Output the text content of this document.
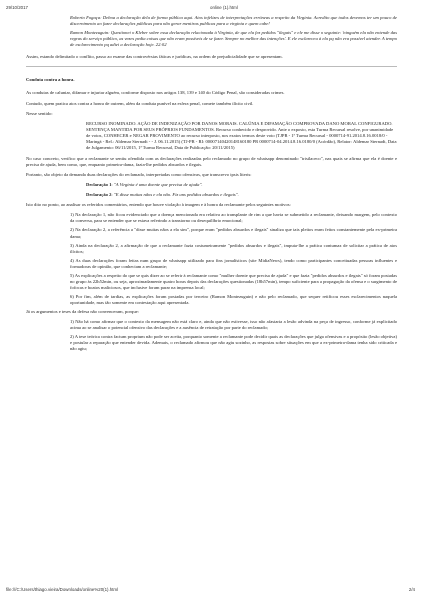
29/10/2017	online (1).html

Roberto Fogaça: Deboa a declaração dela de forma pública aqui. Atos infelizes de interpretações erróneas a respeito da Virginia. Acredito que todos devemos ter um pouco de discernimento ao fazer declarações públicas para não gerar mentiras publicas para a virginia e quem cabe!

Ramon Montezuguin: Questionei o Kleber sobre essa declaração relacionada à Virginia, de que ela fez pedidos "ilegais" e ele me disse o seguinte: 'ninguém ela não entende das regras do serviço público, as vezes pedia coisas que não eram possíveis de se fazer. Sempre no melhor das intenções'. E ele esclareceu à ela pq não era possível atender. A tempo de esclarecimento pq adiei a declaração hoje. 22:02

Assim, estando delimitado o conflito, passo ao exame das controvérsias fáticas e jurídicas, na ordem de prejudicialidade que se apresentam.

Conduta contra a honra.

As condutas de caluniar, difamar e injuriar alguém, conforme disposto nos artigos 138, 139 e 140 do Código Penal, são consideradas crimes.

Contudo, quem pratica atos contra a honra de outrem, além da conduta punível na esfera penal, comete também ilícito civil.

Nesse sentido:

RECURSO INOMINADO. AÇÃO DE INDENIZAÇÃO POR DANOS MORAIS. CALÚNIA E DIFAMAÇÃO COMPROVADA DANO MORAL CONFIGURADO. SENTENÇA MANTIDA POR SEUS PRÓPRIOS FUNDAMENTOS. Recurso conhecido e desprovido. Ante o exposto, esta Turma Recursal resolve, por unanimidade de votos, CONHECER e NEGAR PROVIMENTO ao recurso interposto, nos exatos termos deste voto (TJPR - 1ª Turma Recursal - 0000714-91.2014.8.16.0018/0 - Maringá - Rel.: Aldemar Sternadt - - J. 06.11.2015) (TJ-PR - RI: 00007140420148160180 PR 0000714-04.2014.8.16.0180/0 (Acórdão), Relator: Aldemar Sternadt, Data de Julgamento: 06/11/2015, 1ª Turma Recursal, Data de Publicação: 20/11/2015)

No caso concreto, verifico que a reclamante se sentiu ofendida com as declarações realizadas pelo reclamado no grupo de whatsapp denominado "trisilaceco", nas quais se afirma que ela é doente e precisa de ajuda, bem como, que, enquanto primeira-dama, fazia-lhe pedidos absurdos e ilegais.

Portanto, são objeto da demanda duas declarações do reclamado, interpretadas como ofensivas, que transcrevo ipsis literis:

Declaração 1: "A Virginia é uma doente que precisa de ajuda".
Declaração 2: "E disse muitas nãos e ela não. Fiz uns pedidos absurdos e ilegais".

Isto dito no ponto, ao analisar os referidos comentários, entendo que houve violação à imagem e à honra da reclamante pelos seguintes motivos:

1) Na declaração 1, não ficou evidenciado que a doença mencionada era relativa ao transplante de rim a que havia se submetido a reclamante, deixando margem, pelo contexto da conversa, para se entender que se estava referindo a transtorno ou desequilíbrio emocional;

2) Na declaração 2, a referência a "disse muitas nãos a ela sim", porque eram "pedidos absurdos e ilegais" sinaliza que tais pleitos eram feitos constantemente pela ex-primeira dama;

3) Ainda na declaração 2, a afirmação de que a reclamante fazia costumeiramente "pedidos absurdos e ilegais", imputa-lhe a prática contumaz de solicitar a prática de atos ilícitos;

4) As duas declarações foram feitas num grupo de whatsapp utilizado para fins jornalísticos (site MidiaNews), tendo como participantes conceituadas pessoas influentes e formadoras de opinião, que conheciam a reclamante;

5) As explicações a respeito do que se quis dizer ao se referir à reclamante como "mulher doente que precisa de ajuda" e que fazia "pedidos absurdos e ilegais" só foram postadas no grupo às 22h52min, ou seja, aproximadamente quatro horas depois das declarações questionadas (18h57min), tempo suficiente para a propagação da ofensa e o surgimento de fofocas e boatos maliciosos, que inclusive foram parar na imprensa local;

6) Por fim, além de tardias, as explicações foram postadas por terceiro (Ramon Montezuguin) e não pelo reclamado, que sequer retificou esses esclarecimentos naquela oportunidade, mas tão somente em contestação aqui apresentada.

Já os argumentos e teses da defesa não convenceram, porque:

1) Não há como afirmar que o contexto da mensagem não está claro e, ainda que não estivesse, isso não afastaria a lesão advinda na peça de ingresso, conforme já explicitado acima ao se analisar o potencial ofensivo das declarações e a ausência de retratação por parte do reclamado;

2) A tese teórica contra factum proprium não pode ser aceita, porquanto somente a reclamante pode decidir quais as declarações que julga ofensivas e a propósito (lesão objetiva) e postular a reparação que entender devida. Ademais, o reclamado afirmou que não agiu sozinho, as respostas sobre situações em que a ex-primeira-dama tenha sido criticada e não agiu;

file:///C:/Users/thiago.vieira/Downloads/online%20(1).html	2/4
